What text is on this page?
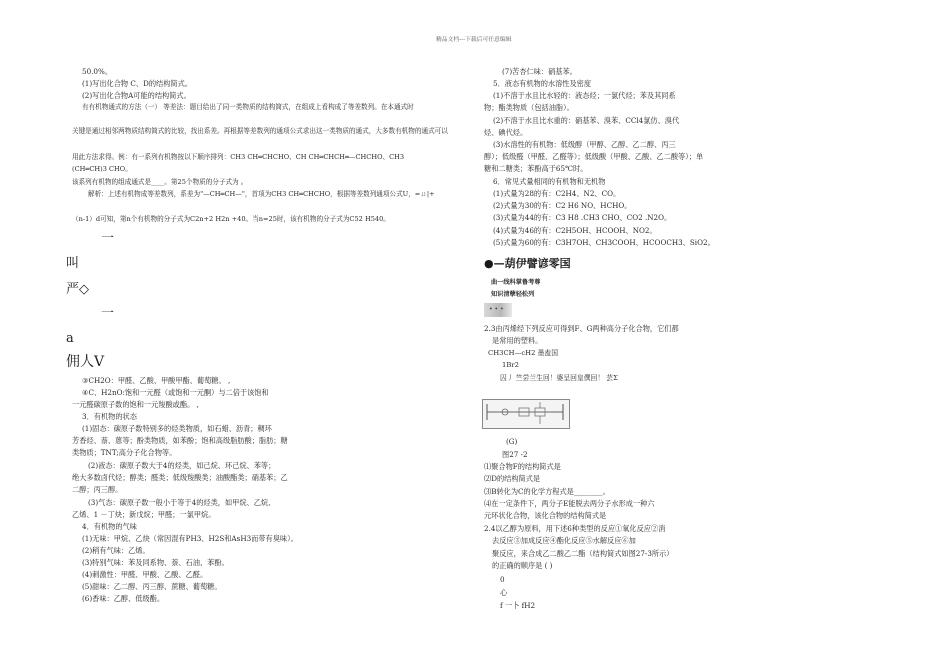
精品文档---下载后可任意编辑
50.0%。
(1)写出化合物 C、D的结构简式。
(2)写出化合物A可能的结构简式。
有有机物通式的方法（一） 等差法：题目给出了同一类物质的结构简式，在组成上看构成了等差数列。在本通式时
关键是通过相邻两物质结构简式的比较，找出系差。再根据等差数列的通项公式求出这一类物质的通式，大多数有机物的通式可以
用此方法求得。例：有一系列有机物按以下顺序排列：CH3 CH═CHCHO、CH CH═CHCH═—CHCHO、CH3
(CH═CH)3 CHO。
该系列有机物的组成通式是____。第25个物质的分子式为 。
解析：上述有机物成等差数列，系差为"—CH═CH—"，首项为CH3 CH═CHCHO，根据等差数列通项公式U，=ㄩ|+
（n-1）d可知，第n个有机物的分子式为C2n+2 H2n +40。当n=25时，该有机物的分子式为C52 H540。
一
叫
严◇
一
a
佣人Ⅴ
③CH2O：甲醛、乙酸、甲酸甲酯、葡萄糖。 ,
④C、H2nO:饱和一元醛（或饱和一元酮）与二倍于该饱和
一元醛碳原子数的饱和一元羧酸或酯。 ,
3．有机物的状态
(1)固态：碳原子数特别多的烃类物质，如石蜡、沥青；稠环
芳香烃、萘、蒽等；酚类物质，如苯酚；饱和高级脂肪酸；脂肪；糖
类物质；TNT;高分子化合物等。
(2)液态：碳原子数大于4的烃类，如己烷、环己烷、苯等；
绝大多数卤代烃；醇类；醛类；低级羧酸类；油酸酯类；硝基苯；乙
二醇；丙三醇。
(3)气态：碳原子数一般小于等于4的烃类，如甲烷、乙烷、
乙烯、1 －丁炔；新戊烷；甲醛；一氯甲烷。
4．有机物的气味
(1)无味：甲烷、乙炔（常因混有PH3、H2S和AsH3而带有臭味）。
(2)稍有气味：乙烯。
(3)特别气味：苯及同系物、萘、石油、苯酚。
(4)刺激性：甲醛、甲酸、乙酸、乙醛。
(5)甜味：乙二醇、丙三醇、蔗糖、葡萄糖。
(6)香味：乙醇、低级酯。
(7)苦杏仁味：硝基苯。
5．液态有机物的水溶性及密度
(1)不溶于水且比水轻的：液态烃；一氯代烃；苯及其同系
物；酯类物质（包括油脂）。
(2)不溶于水且比水重的：硝基苯、溴苯、CCl4氯仿、溴代
烃、碘代烃。
(3)水溶性的有机物：低级醇（甲醇、乙醇、乙二醇、丙三
醇）；低级醛（甲醛、乙醛等）；低级酸（甲酸、乙酸、乙二酸等）；单
糖和二糖类；苯酚高于65℃时。
6．常见式量相同的有机物和无机物
(1)式量为28的有：C2H4、N2、CO。
(2)式量为30的有：C2 H6 NO、HCHO。
(3)式量为44的有：C3 H8 .CH3 CHO、CO2 .N2O。
(4)式量为46的有：C2H5OH、HCOOH、NO2。
(5)式量为60的有：C3H7OH、CH3COOH、HCOOCH3、SiO2。
●—葫伊譬谚零国
曲一线科掌鲁考尊
知识清孽轻松列
•••
2.3由丙烯经下列反应可得到F、G两种高分子化合物，它们都
是常用的塑料。
CH3CH—cH2 墨盍国
1Br2
囚丿 竺尝兰生回！婆呈回皇僎回！ 芸Σ
(G)
图27 -2
⑴聚合物F的结构简式是
⑵D的结构简式是
⑶B转化为C的化学方程式是________。
⑷在一定条件下，两分子E能脱去两分子水形成一种六
元环状化合物，该化合物的结构简式是
2.4以乙醇为原料，用下述6种类型的反应①氧化反应②消
去反应③加成反应④酯化反应⑤水解反应⑥加
聚反应，来合成乙二酸乙二酯（结构简式如图27-3所示）
的正确的顺序是 ( )
0
心
f 一卜 fH2
